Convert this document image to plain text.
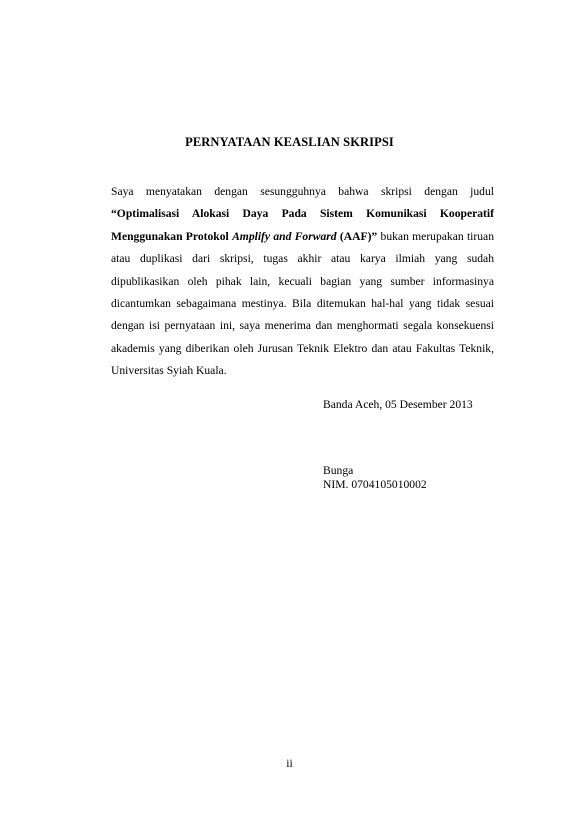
PERNYATAAN KEASLIAN SKRIPSI
Saya menyatakan dengan sesungguhnya bahwa skripsi dengan judul
“Optimalisasi Alokasi Daya Pada Sistem Komunikasi Kooperatif
Menggunakan Protokol Amplify and Forward (AAF)” bukan merupakan tiruan
atau duplikasi dari skripsi, tugas akhir atau karya ilmiah yang sudah
dipublikasikan oleh pihak lain, kecuali bagian yang sumber informasinya
dicantumkan sebagaimana mestinya. Bila ditemukan hal-hal yang tidak sesuai
dengan isi pernyataan ini, saya menerima dan menghormati segala konsekuensi
akademis yang diberikan oleh Jurusan Teknik Elektro dan atau Fakultas Teknik,
Universitas Syiah Kuala.
Banda Aceh, 05 Desember 2013
Bunga
NIM. 0704105010002
ii
